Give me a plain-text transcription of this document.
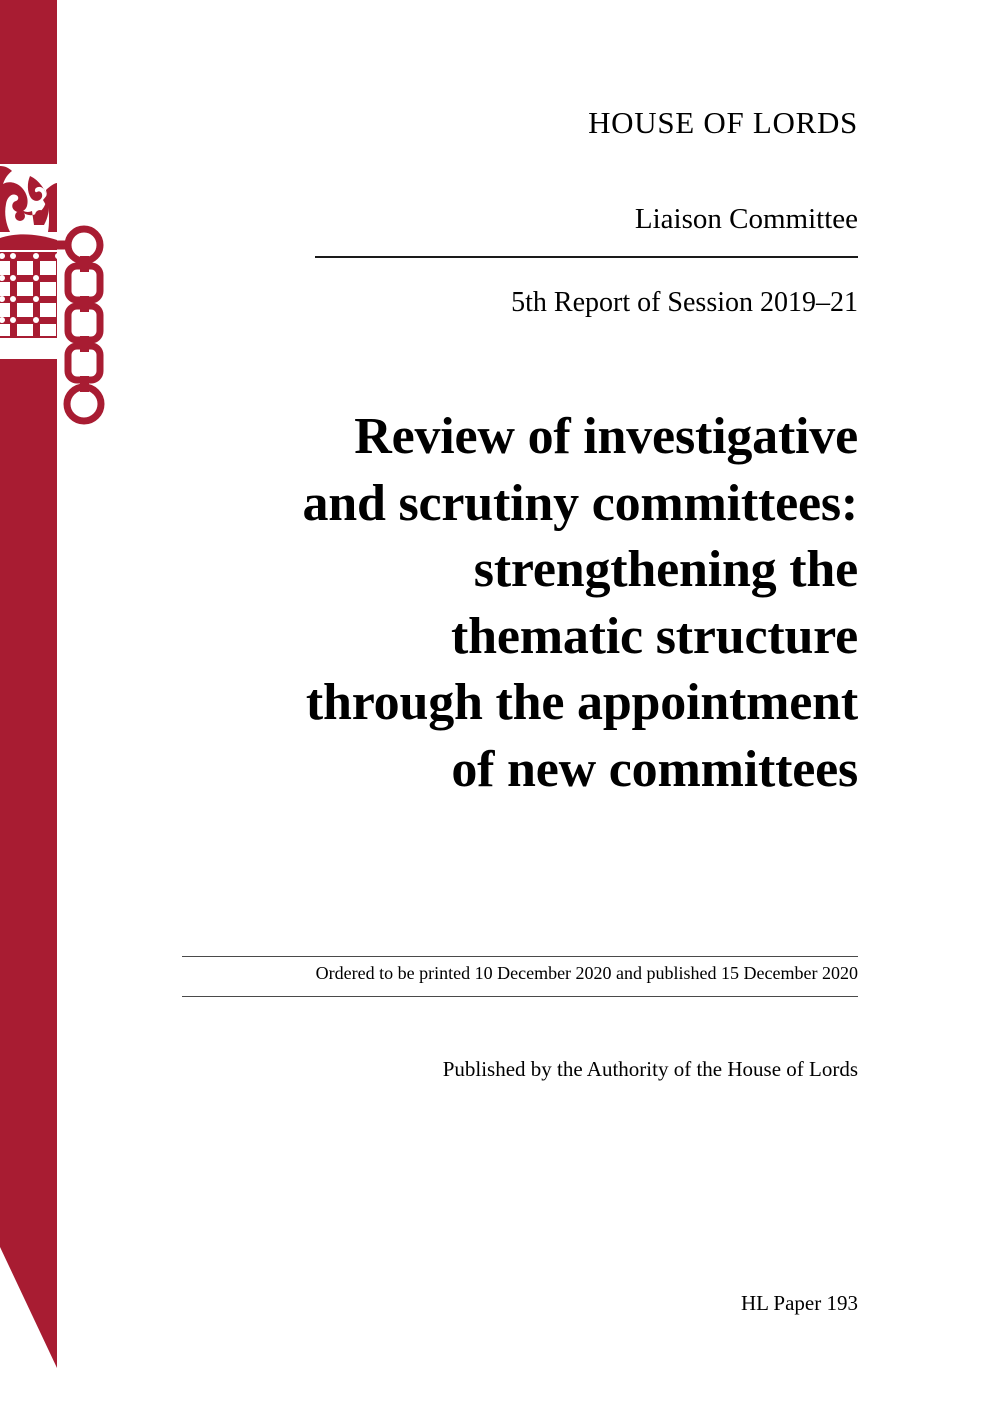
HOUSE OF LORDS
Liaison Committee
5th Report of Session 2019–21
Review of investigative
and scrutiny committees:
strengthening the
thematic structure
through the appointment
of new committees
Ordered to be printed 10 December 2020 and published 15 December 2020
Published by the Authority of the House of Lords
HL Paper 193
